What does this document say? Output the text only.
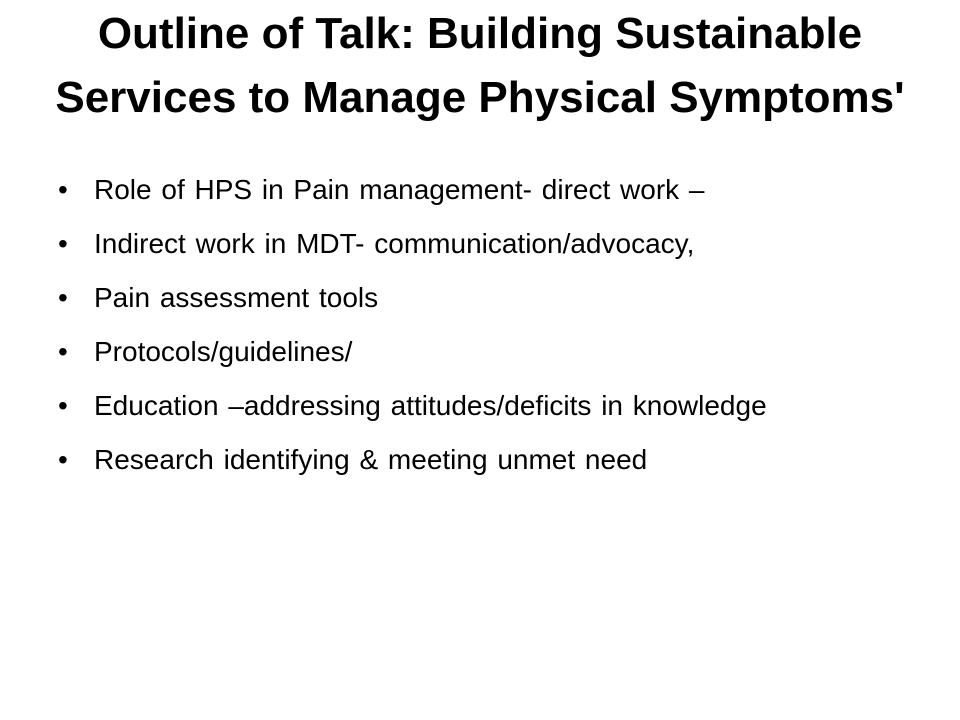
Outline of Talk: Building Sustainable Services to Manage Physical Symptoms'
• Role of HPS in Pain management- direct work –
• Indirect work in MDT- communication/advocacy,
• Pain assessment tools
• Protocols/guidelines/
• Education –addressing attitudes/deficits in knowledge
• Research identifying & meeting unmet need
